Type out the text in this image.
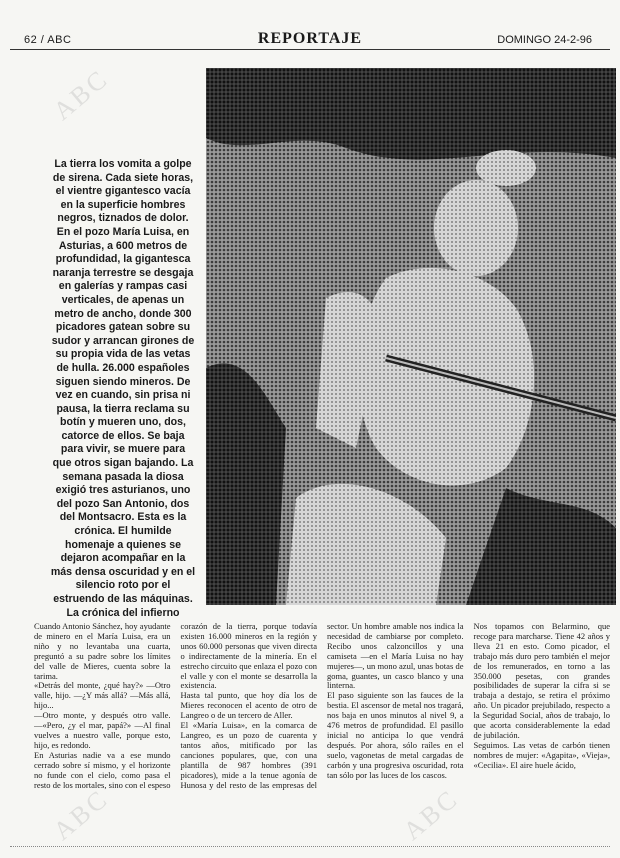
62 / ABC	REPORTAJE	DOMINGO 24-2-96
ABC
ABC	ABC
La tierra los vomita a golpe de sirena. Cada siete horas, el vientre gigantesco vacía en la superficie hombres negros, tiznados de dolor. En el pozo María Luisa, en Asturias, a 600 metros de profundidad, la gigantesca naranja terrestre se desgaja en galerías y rampas casi verticales, de apenas un metro de ancho, donde 300 picadores gatean sobre su sudor y arrancan girones de su propia vida de las vetas de hulla. 26.000 españoles siguen siendo mineros. De vez en cuando, sin prisa ni pausa, la tierra reclama su botín y mueren uno, dos, catorce de ellos. Se baja para vivir, se muere para que otros sigan bajando. La semana pasada la diosa exigió tres asturianos, uno del pozo San Antonio, dos del Montsacro. Esta es la crónica. El humilde homenaje a quienes se dejaron acompañar en la más densa oscuridad y en el silencio roto por el estruendo de las máquinas. La crónica del infierno

Cuando Antonio Sánchez, hoy ayudante de minero en el María Luisa, era un niño y no levantaba una cuarta, preguntó a su padre sobre los límites del valle de Mieres, cuenta sobre la tarima.

«Detrás del monte, ¿qué hay?» —Otro valle, hijo. —¿Y más allá? —Más allá, hijo...

—Otro monte, y después otro valle. —«Pero, ¿y el mar, papá?» —Al final vuelves a nuestro valle, porque esto, hijo, es redondo.

En Asturias nadie va a ese mundo cerrado sobre sí mismo, y el horizonte no funde con el cielo, como pasa el resto de los mortales, sino con el espeso corazón de la tierra, porque todavía existen 16.000 mineros en la región y unos 60.000 personas que viven directa o indirectamente de la minería. En el estrecho circuito que enlaza el pozo con el valle y con el monte se desarrolla la existencia.

Hasta tal punto, que hoy día los de Mieres reconocen el acento de otro de Langreo o de un tercero de Aller.

El «María Luisa», en la comarca de Langreo, es un pozo de cuarenta y tantos años, mitificado por las canciones populares, que, con una plantilla de 987 hombres (391 picadores), mide a la tenue agonía de Hunosa y del resto de las empresas del sector. Un hombre amable nos indica la necesidad de cambiarse por completo. Recibo unos calzoncillos y una camiseta —en el María Luisa no hay mujeres—, un mono azul, unas botas de goma, guantes, un casco blanco y una linterna.

El paso siguiente son las fauces de la bestia. El ascensor de metal nos tragará, nos baja en unos minutos al nivel 9, a 476 metros de profundidad. El pasillo inicial no anticipa lo que vendrá después. Por ahora, sólo raíles en el suelo, vagonetas de metal cargadas de carbón y una progresiva oscuridad, rota tan sólo por las luces de los cascos.

Nos topamos con Belarmino, que recoge para marcharse. Tiene 42 años y lleva 21 en esto. Como picador, el trabajo más duro pero también el mejor de los remunerados, en torno a las 350.000 pesetas, con grandes posibilidades de superar la cifra si se trabaja a destajo, se retira el próximo año. Un picador prejubilado, respecto a la Seguridad Social, años de trabajo, lo que acorta considerablemente la edad de jubilación.

Seguimos. Las vetas de carbón tienen nombres de mujer: «Agapita», «Vieja», «Cecilia». El aire huele ácido,
